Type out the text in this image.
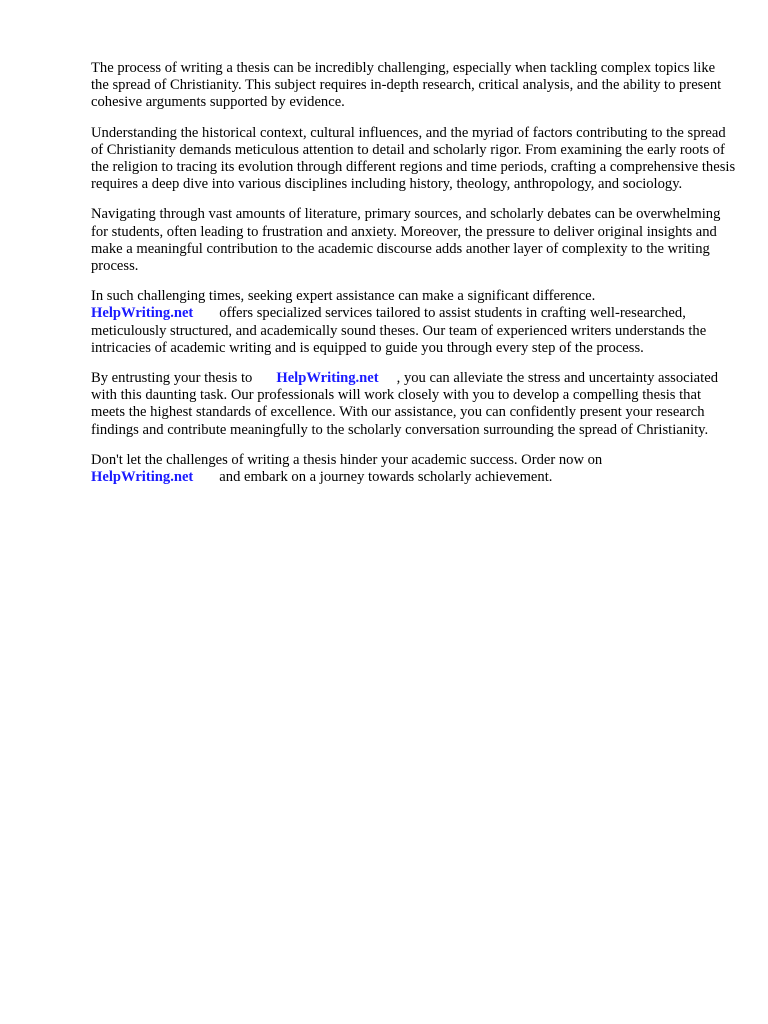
The process of writing a thesis can be incredibly challenging, especially when tackling complex topics like the spread of Christianity. This subject requires in-depth research, critical analysis, and the ability to present cohesive arguments supported by evidence.

Understanding the historical context, cultural influences, and the myriad of factors contributing to the spread of Christianity demands meticulous attention to detail and scholarly rigor. From examining the early roots of the religion to tracing its evolution through different regions and time periods, crafting a comprehensive thesis requires a deep dive into various disciplines including history, theology, anthropology, and sociology.

Navigating through vast amounts of literature, primary sources, and scholarly debates can be overwhelming for students, often leading to frustration and anxiety. Moreover, the pressure to deliver original insights and make a meaningful contribution to the academic discourse adds another layer of complexity to the writing process.

In such challenging times, seeking expert assistance can make a significant difference.
HelpWriting.net offers specialized services tailored to assist students in crafting well-researched, meticulously structured, and academically sound theses. Our team of experienced writers understands the intricacies of academic writing and is equipped to guide you through every step of the process.

By entrusting your thesis to HelpWriting.net , you can alleviate the stress and uncertainty associated with this daunting task. Our professionals will work closely with you to develop a compelling thesis that meets the highest standards of excellence. With our assistance, you can confidently present your research findings and contribute meaningfully to the scholarly conversation surrounding the spread of Christianity.

Don't let the challenges of writing a thesis hinder your academic success. Order now on
HelpWriting.net and embark on a journey towards scholarly achievement.
